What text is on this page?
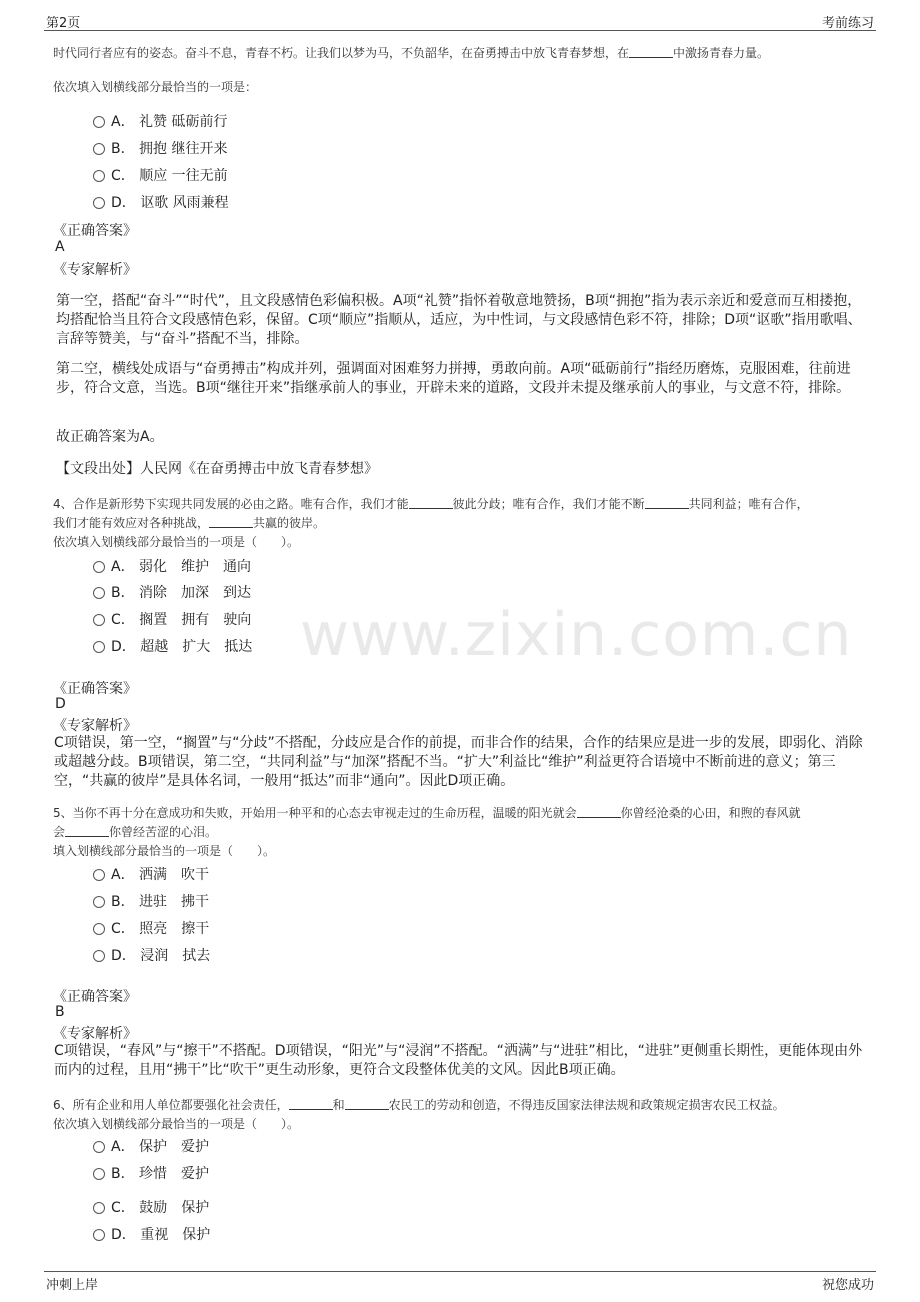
第2页	考前练习
www.zixin.com.cn
时代同行者应有的姿态。奋斗不息，青春不朽。让我们以梦为马，不负韶华，在奋勇搏击中放飞青春梦想，在	中激扬青春力量。
依次填入划横线部分最恰当的一项是：
A． 礼赞 砥砺前行
B． 拥抱 继往开来
C． 顺应 一往无前
D． 讴歌 风雨兼程
《正确答案》
A
《专家解析》
第一空，搭配“奋斗”“时代”，且文段感情色彩偏积极。A项“礼赞”指怀着敬意地赞扬，B项“拥抱”指为表示亲近和爱意而互相搂抱，均搭配恰当且符合文段感情色彩，保留。C项“顺应”指顺从，适应，为中性词，与文段感情色彩不符，排除；D项“讴歌”指用歌唱、言辞等赞美，与“奋斗”搭配不当，排除。
第二空，横线处成语与“奋勇搏击”构成并列，强调面对困难努力拼搏，勇敢向前。A项“砥砺前行”指经历磨炼，克服困难，往前进步，符合文意，当选。B项“继往开来”指继承前人的事业，开辟未来的道路，文段并未提及继承前人的事业，与文意不符，排除。
故正确答案为A。
【文段出处】人民网《在奋勇搏击中放飞青春梦想》
4、合作是新形势下实现共同发展的必由之路。唯有合作，我们才能	彼此分歧；唯有合作，我们才能不断	共同利益；唯有合作，
我们才能有效应对各种挑战，	共赢的彼岸。
依次填入划横线部分最恰当的一项是（　　）。
A． 弱化　维护　通向
B． 消除　加深　到达
C． 搁置　拥有　驶向
D． 超越　扩大　抵达
《正确答案》
D
《专家解析》
C项错误，第一空，“搁置”与“分歧”不搭配，分歧应是合作的前提，而非合作的结果，合作的结果应是进一步的发展，即弱化、消除或超越分歧。B项错误，第二空，“共同利益”与“加深”搭配不当。“扩大”利益比“维护”利益更符合语境中不断前进的意义；第三空，“共赢的彼岸”是具体名词，一般用“抵达”而非“通向”。因此D项正确。
5、当你不再十分在意成功和失败，开始用一种平和的心态去审视走过的生命历程，温暖的阳光就会	你曾经沧桑的心田，和煦的春风就
会	你曾经苦涩的心泪。
填入划横线部分最恰当的一项是（　　）。
A． 洒满　吹干
B． 进驻　拂干
C． 照亮　擦干
D． 浸润　拭去
《正确答案》
B
《专家解析》
C项错误，“春风”与“擦干”不搭配。D项错误，“阳光”与“浸润”不搭配。“洒满”与“进驻”相比，“进驻”更侧重长期性，更能体现由外而内的过程，且用“拂干”比“吹干”更生动形象，更符合文段整体优美的文风。因此B项正确。
6、所有企业和用人单位都要强化社会责任，	和	农民工的劳动和创造，不得违反国家法律法规和政策规定损害农民工权益。
依次填入划横线部分最恰当的一项是（　　）。
A． 保护　爱护
B． 珍惜　爱护
C． 鼓励　保护
D． 重视　保护
冲刺上岸	祝您成功
